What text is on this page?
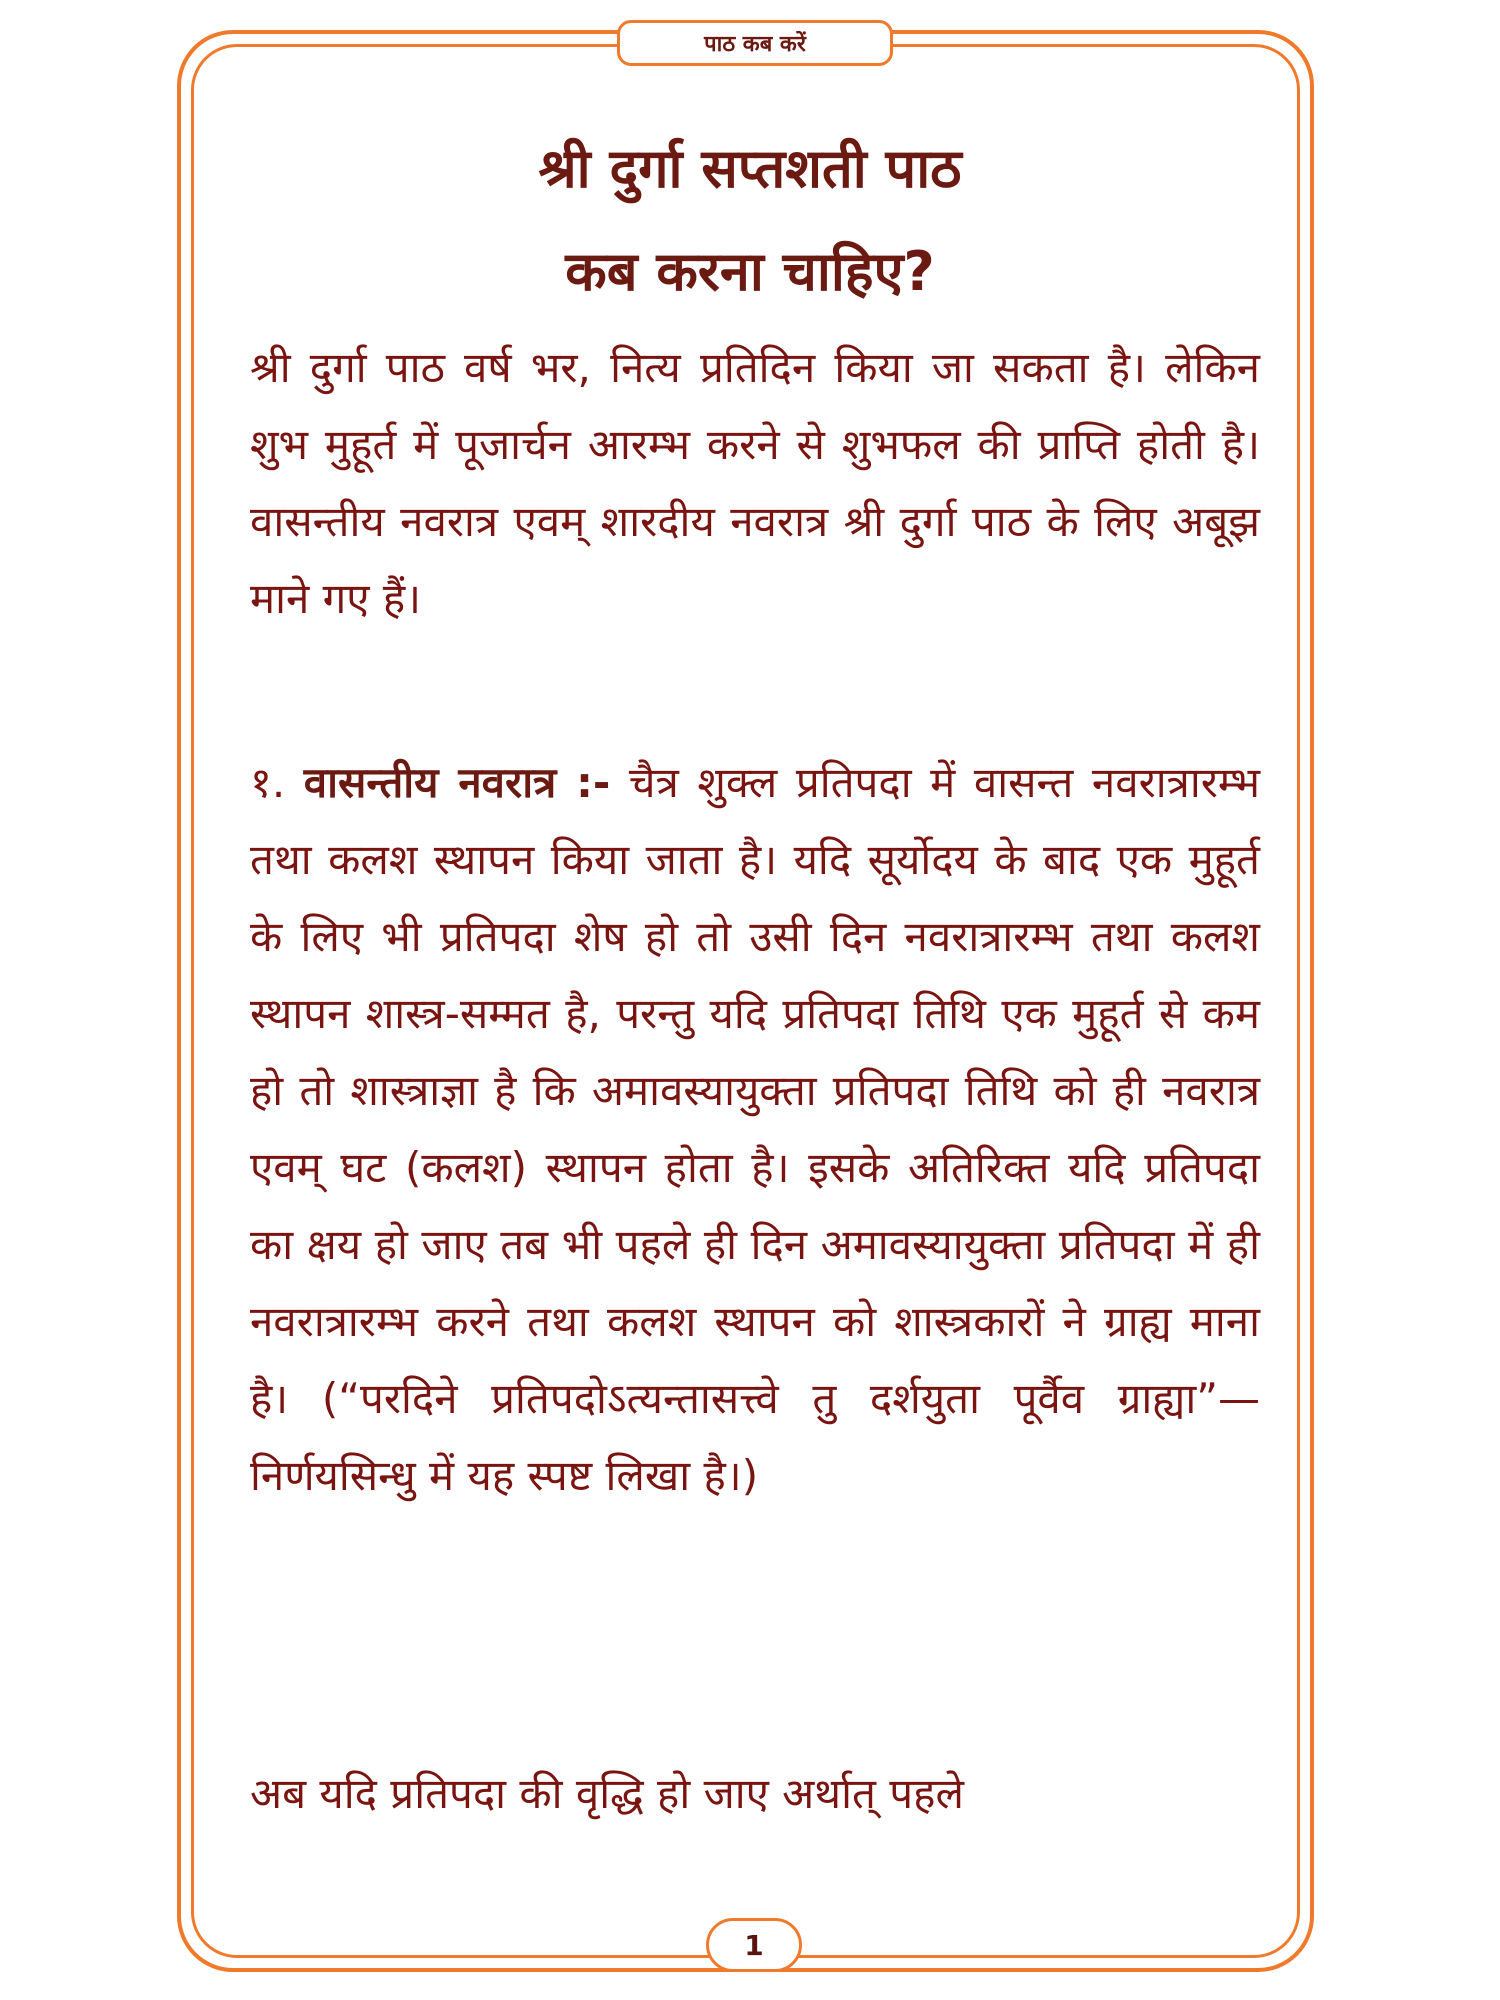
पाठ कब करें
श्री दुर्गा सप्तशती पाठ
कब करना चाहिए?
श्री दुर्गा पाठ वर्ष भर, नित्य प्रतिदिन किया जा सकता है। लेकिन शुभ मुहूर्त में पूजार्चन आरम्भ करने से शुभफल की प्राप्ति होती है। वासन्तीय नवरात्र एवम् शारदीय नवरात्र श्री दुर्गा पाठ के लिए अबूझ माने गए हैं।
१. वासन्तीय नवरात्र :- चैत्र शुक्ल प्रतिपदा में वासन्त नवरात्रारम्भ तथा कलश स्थापन किया जाता है। यदि सूर्योदय के बाद एक मुहूर्त के लिए भी प्रतिपदा शेष हो तो उसी दिन नवरात्रारम्भ तथा कलश स्थापन शास्त्र-सम्मत है, परन्तु यदि प्रतिपदा तिथि एक मुहूर्त से कम हो तो शास्त्राज्ञा है कि अमावस्यायुक्ता प्रतिपदा तिथि को ही नवरात्र एवम् घट (कलश) स्थापन होता है। इसके अतिरिक्त यदि प्रतिपदा का क्षय हो जाए तब भी पहले ही दिन अमावस्यायुक्ता प्रतिपदा में ही नवरात्रारम्भ करने तथा कलश स्थापन को शास्त्रकारों ने ग्राह्य माना है। (“परदिने प्रतिपदोऽत्यन्तासत्त्वे तु दर्शयुता पूर्वैव ग्राह्या”—निर्णयसिन्धु में यह स्पष्ट लिखा है।)
अब यदि प्रतिपदा की वृद्धि हो जाए अर्थात् पहले
1
